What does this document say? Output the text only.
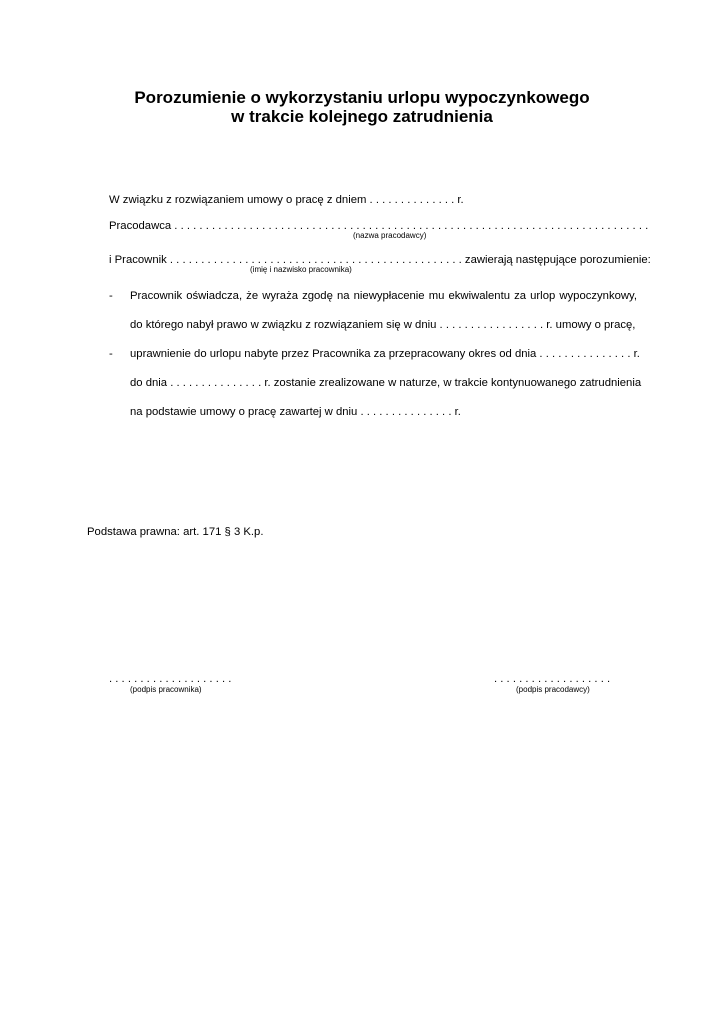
Porozumienie o wykorzystaniu urlopu wypoczynkowego
w trakcie kolejnego zatrudnienia
W związku z rozwiązaniem umowy o pracę z dniem . . . . . . . . . . . . . . r.
Pracodawca . . . . . . . . . . . . . . . . . . . . . . . . . . . . . . . . . . . . . . . . . . . . . . . . . . . . . . . . . . . . . . . . . . . . . . . . . . . .
(nazwa pracodawcy)
i Pracownik . . . . . . . . . . . . . . . . . . . . . . . . . . . . . . . . . . . . . . . . . . . . . . . zawierają następujące porozumienie:
(imię i nazwisko pracownika)
- Pracownik oświadcza, że wyraża zgodę na niewypłacenie mu ekwiwalentu za urlop wypoczynkowy,
do którego nabył prawo w związku z rozwiązaniem się w dniu . . . . . . . . . . . . . . . . . r. umowy o pracę,
- uprawnienie do urlopu nabyte przez Pracownika za przepracowany okres od dnia . . . . . . . . . . . . . . . r.
do dnia . . . . . . . . . . . . . . . r. zostanie zrealizowane w naturze, w trakcie kontynuowanego zatrudnienia
na podstawie umowy o pracę zawartej w dniu . . . . . . . . . . . . . . . r.
Podstawa prawna: art. 171 § 3 K.p.
. . . . . . . . . . . . . . . . . . . .
(podpis pracownika)
. . . . . . . . . . . . . . . . . . .
(podpis pracodawcy)
